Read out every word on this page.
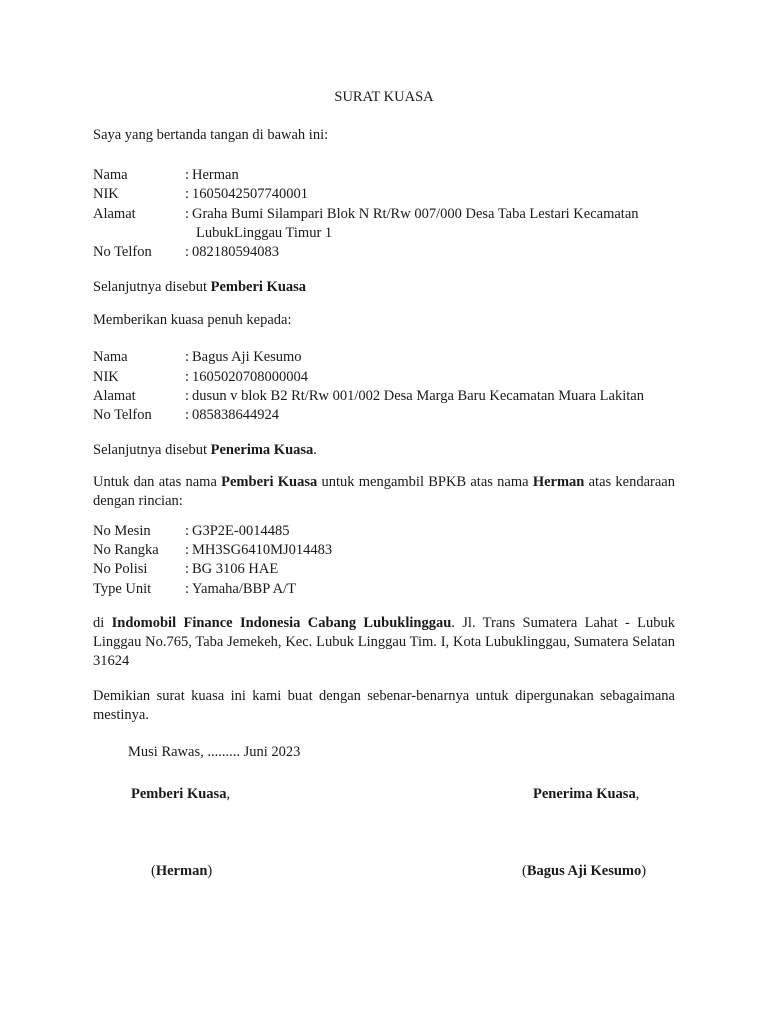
SURAT KUASA
Saya yang bertanda tangan di bawah ini:
Nama	: Herman
NIK	: 1605042507740001
Alamat	: Graha Bumi Silampari Blok N Rt/Rw 007/000 Desa Taba Lestari Kecamatan
LubukLinggau Timur 1
No Telfon : 082180594083
Selanjutnya disebut Pemberi Kuasa
Memberikan kuasa penuh kepada:
Nama	: Bagus Aji Kesumo
NIK	: 1605020708000004
Alamat	: dusun v blok B2 Rt/Rw 001/002 Desa Marga Baru Kecamatan Muara Lakitan
No Telfon : 085838644924
Selanjutnya disebut Penerima Kuasa.
Untuk dan atas nama Pemberi Kuasa untuk mengambil BPKB atas nama Herman atas kendaraan dengan rincian:
No Mesin : G3P2E-0014485
No Rangka : MH3SG6410MJ014483
No Polisi	: BG 3106 HAE
Type Unit : Yamaha/BBP A/T
di Indomobil Finance Indonesia Cabang Lubuklinggau. Jl. Trans Sumatera Lahat - Lubuk Linggau No.765, Taba Jemekeh, Kec. Lubuk Linggau Tim. I, Kota Lubuklinggau, Sumatera Selatan 31624
Demikian surat kuasa ini kami buat dengan sebenar-benarnya untuk dipergunakan sebagaimana mestinya.
Musi Rawas, ......... Juni 2023
Pemberi Kuasa,	Penerima Kuasa,
(Herman)	(Bagus Aji Kesumo)
